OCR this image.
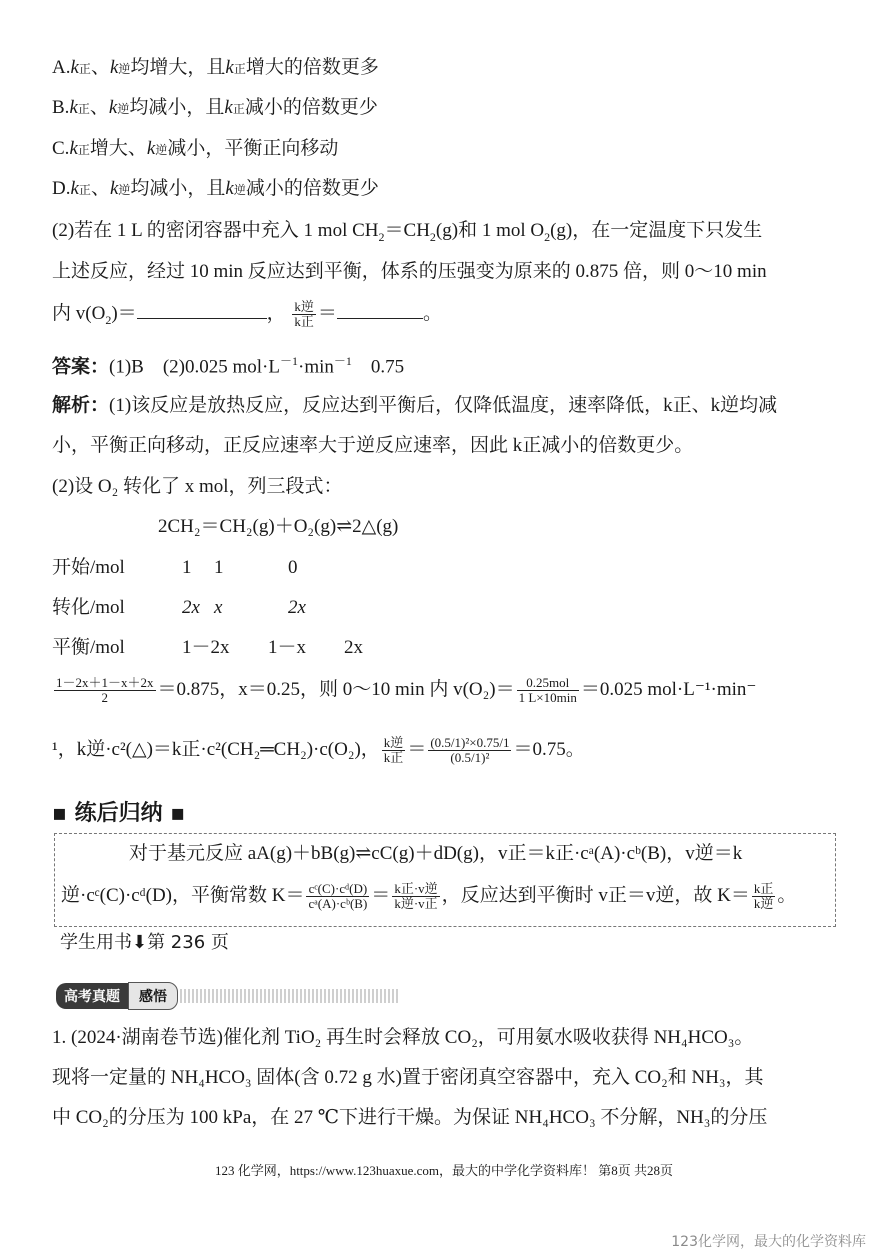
A.k正、k逆均增大，且k正增大的倍数更多
B.k正、k逆均减小，且k正减小的倍数更少
C.k正增大、k逆减小，平衡正向移动
D.k正、k逆均减小，且k逆减小的倍数更少
(2)若在 1 L 的密闭容器中充入 1 mol $CH_2=CH_2(g)$和 1 mol $O_2(g)$，在一定温度下只发生
上述反应，经过 10 min 反应达到平衡，体系的压强变为原来的 0.875 倍，则 0～10 min
内 $v(O_2)=$	， $\frac{\text{k逆}}{\text{k正}}$ ＝	。
答案：(1)B　(2)0.025 $mol\cdot L^{-1}\cdot\min^{-1}$　0.75
解析：(1)该反应是放热反应，反应达到平衡后，仅降低温度，速率降低，k正、k逆均减
小，平衡正向移动，正反应速率大于逆反应速率，因此 k正减小的倍数更少。
(2)设 O₂ 转化了 x mol，列三段式：
2CH₂＝CH₂(g)＋O₂(g)⇌2△(g)
开始/mol	1 1	0
转化/mol	2x x	2x
平衡/mol	1－2x 1－x 2x
$\frac{1-2x+1-x+2x}{2} =0.875$，x＝0.25，则 0～10 min 内 $v(O_2)= \frac{\text{0.25mol}}{1 L\times 10\min} =0.025$ mol·L⁻¹·min⁻
¹，k逆·c²(△)＝k正·c²(CH₂═CH₂)·c(O₂)， $\frac{\text{k逆}}{\text{k正}} = \frac{\text{(0.5/1)²×0.75/1}}{\text{(0.5/1)²}} =0.75$。
▪ 练后归纳 ▪
对于基元反应 aA(g)＋bB(g)⇌cC(g)＋dD(g)，v正＝k正·cᵃ(A)·cᵇ(B)，v逆＝k
逆·cᶜ(C)·cᵈ(D)，平衡常数 $K= \frac{\text{cᶜ(C)·cᵈ(D)}}{\text{cᵃ(A)·cᵇ(B)}} = \frac{\text{k正·v逆}}{\text{k逆·v正}}$ ，反应达到平衡时 v正＝v逆，故 $K= \frac{\text{k正}}{\text{k逆}}$ 。
学生用书⬇第 236 页
高考真题	感悟
1. (2024·湖南卷节选)催化剂 TiO₂ 再生时会释放 CO₂，可用氨水吸收获得 NH₄HCO₃。
现将一定量的 NH₄HCO₃ 固体(含 0.72 g 水)置于密闭真空容器中，充入 CO₂和 NH₃，其
中 CO₂的分压为 100 kPa，在 27 ℃下进行干燥。为保证 NH₄HCO₃ 不分解，NH₃的分压
123 化学网，https://www.123huaxue.com，最大的中学化学资料库！ 第8页 共28页
123化学网，最大的化学资料库
